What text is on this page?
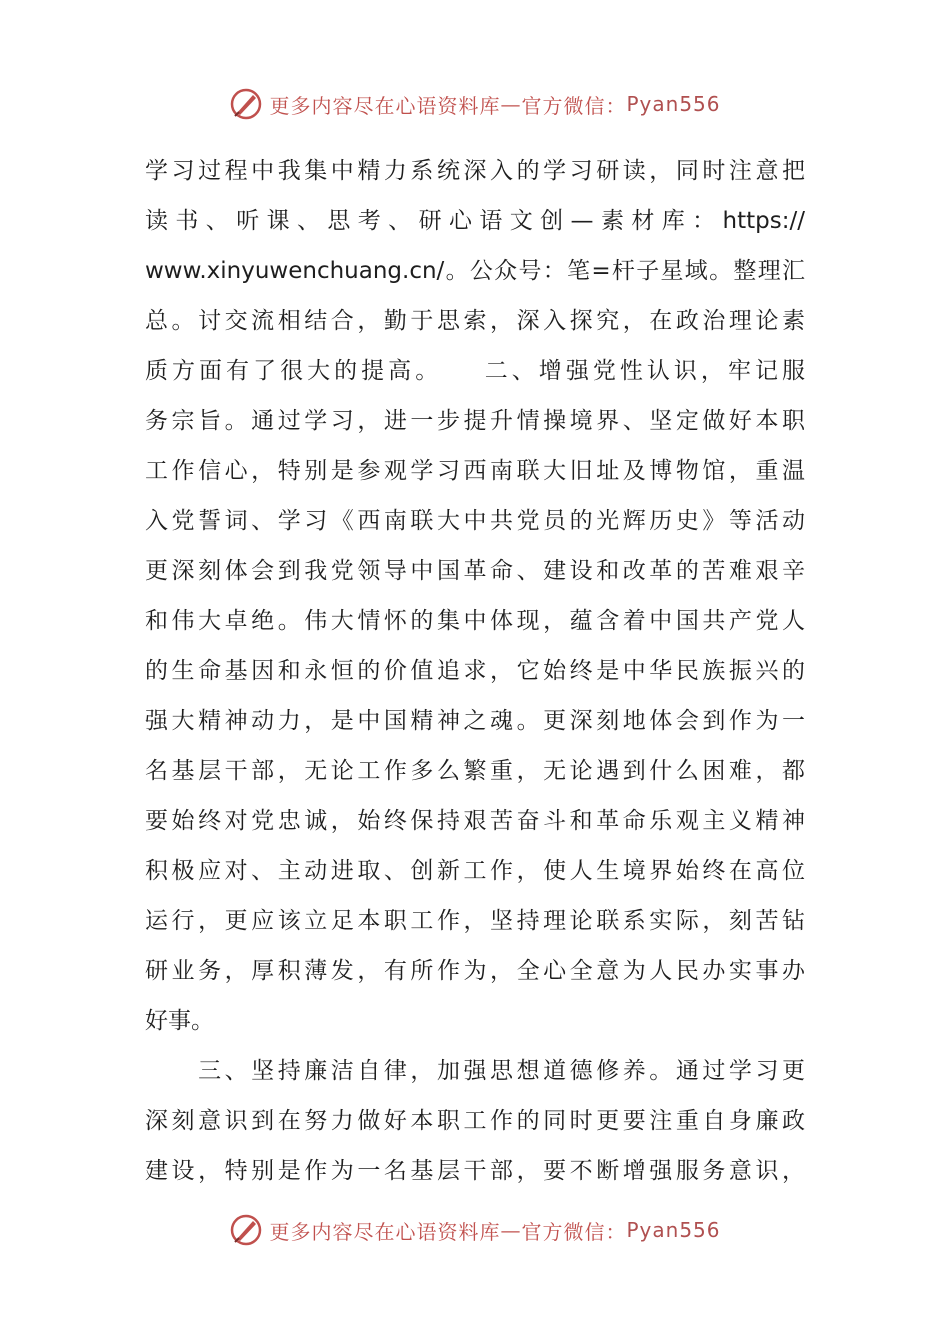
更多内容尽在心语资料库 — 官方微信： Pyan556
学习过程中我集中精力系统深入的学习研读，同时注意把
读书、听课、思考、研心语文创—素材库：https://
www.xinyuwenchuang.cn/。公众号：笔=杆子星域。整理汇
总。讨交流相结合，勤于思索，深入探究，在政治理论素
质方面有了很大的提高。　　二、增强党性认识，牢记服
务宗旨。通过学习，进一步提升情操境界、坚定做好本职
工作信心，特别是参观学习西南联大旧址及博物馆，重温
入党誓词、学习《西南联大中共党员的光辉历史》等活动
更深刻体会到我党领导中国革命、建设和改革的苦难艰辛
和伟大卓绝。伟大情怀的集中体现，蕴含着中国共产党人
的生命基因和永恒的价值追求，它始终是中华民族振兴的
强大精神动力，是中国精神之魂。更深刻地体会到作为一
名基层干部，无论工作多么繁重，无论遇到什么困难，都
要始终对党忠诚，始终保持艰苦奋斗和革命乐观主义精神
积极应对、主动进取、创新工作，使人生境界始终在高位
运行，更应该立足本职工作，坚持理论联系实际，刻苦钻
研业务，厚积薄发，有所作为，全心全意为人民办实事办
好事。
　　三、坚持廉洁自律，加强思想道德修养。通过学习更
深刻意识到在努力做好本职工作的同时更要注重自身廉政
建设，特别是作为一名基层干部，要不断增强服务意识，
更多内容尽在心语资料库 — 官方微信： Pyan556
